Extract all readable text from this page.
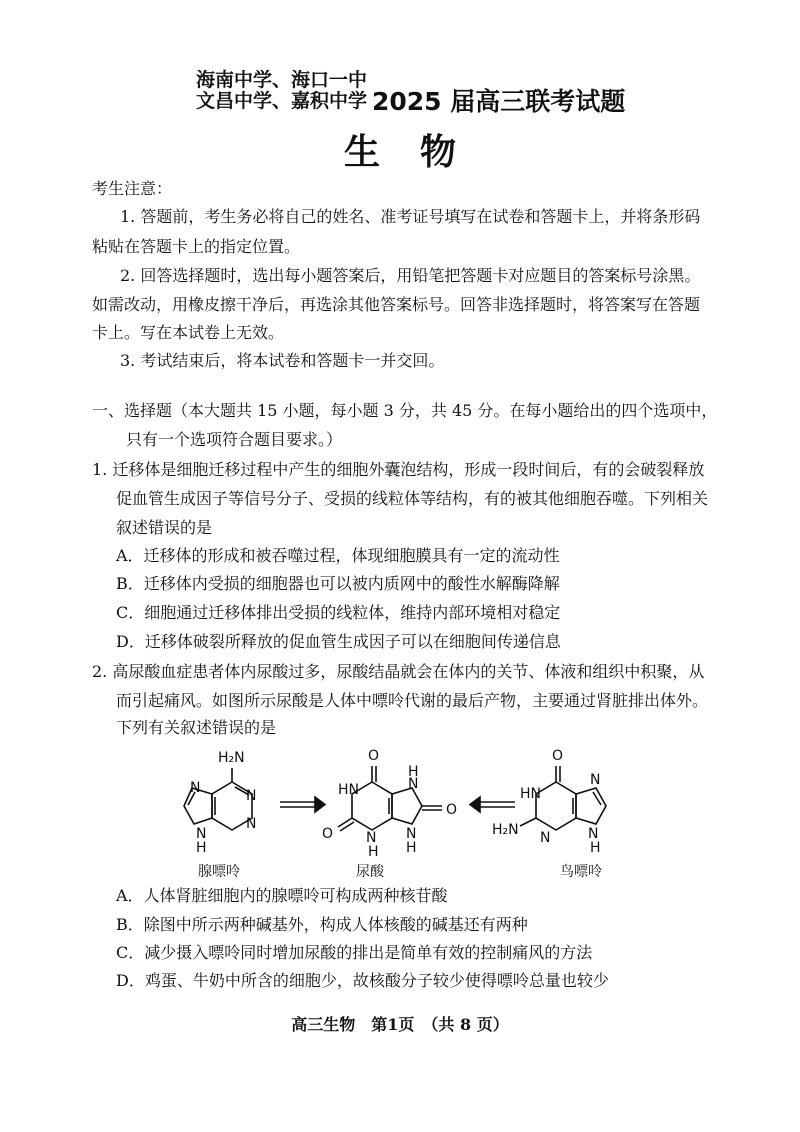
海南中学、海口一中
文昌中学、嘉积中学 2025 届高三联考试题
生物
考生注意：
1. 答题前，考生务必将自己的姓名、准考证号填写在试卷和答题卡上，并将条形码
粘贴在答题卡上的指定位置。
2. 回答选择题时，选出每小题答案后，用铅笔把答题卡对应题目的答案标号涂黑。
如需改动，用橡皮擦干净后，再选涂其他答案标号。回答非选择题时，将答案写在答题
卡上。写在本试卷上无效。
3. 考试结束后，将本试卷和答题卡一并交回。
一、选择题（本大题共 15 小题，每小题 3 分，共 45 分。在每小题给出的四个选项中，
只有一个选项符合题目要求。）
1. 迁移体是细胞迁移过程中产生的细胞外囊泡结构，形成一段时间后，有的会破裂释放
促血管生成因子等信号分子、受损的线粒体等结构，有的被其他细胞吞噬。下列相关
叙述错误的是
A．迁移体的形成和被吞噬过程，体现细胞膜具有一定的流动性
B．迁移体内受损的细胞器也可以被内质网中的酸性水解酶降解
C．细胞通过迁移体排出受损的线粒体，维持内部环境相对稳定
D．迁移体破裂所释放的促血管生成因子可以在细胞间传递信息
2. 高尿酸血症患者体内尿酸过多，尿酸结晶就会在体内的关节、体液和组织中积聚，从
而引起痛风。如图所示尿酸是人体中嘌呤代谢的最后产物，主要通过肾脏排出体外。
下列有关叙述错误的是
H₂N
N
N
N
H
N
O
HN
O N
H
H
N
N
H
O
O
HN
H₂N N
N
N
H
腺嘌呤	尿酸	鸟嘌呤
A．人体肾脏细胞内的腺嘌呤可构成两种核苷酸
B．除图中所示两种碱基外，构成人体核酸的碱基还有两种
C．减少摄入嘌呤同时增加尿酸的排出是简单有效的控制痛风的方法
D．鸡蛋、牛奶中所含的细胞少，故核酸分子较少使得嘌呤总量也较少
高三生物　第1页　（共 8 页）
